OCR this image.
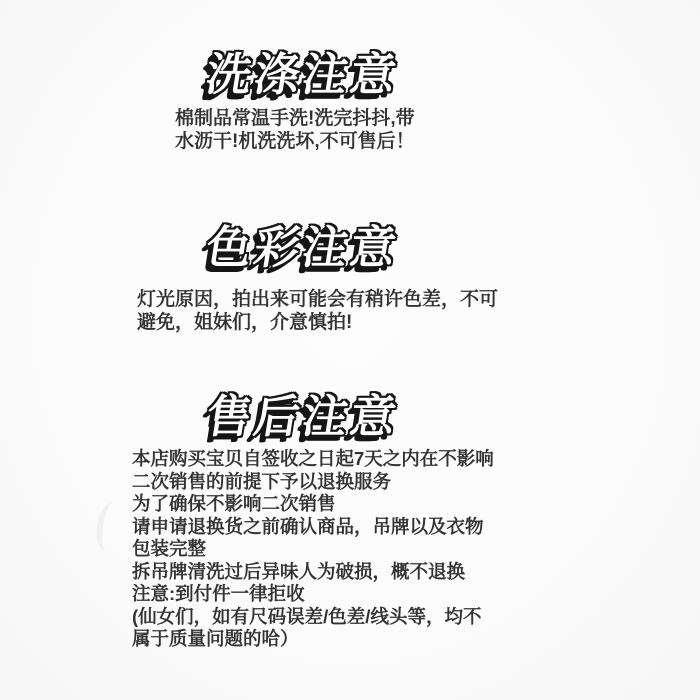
洗涤注意
棉制品常温手洗!洗完抖抖,带
水沥干!机洗洗坏,不可售后！
色彩注意
灯光原因，拍出来可能会有稍许色差，不可
避免，姐妹们，介意慎拍!
售后注意
本店购买宝贝自签收之日起7天之内在不影响
二次销售的前提下予以退换服务
为了确保不影响二次销售
请申请退换货之前确认商品，吊牌以及衣物
包装完整
拆吊牌清洗过后异味人为破损，概不退换
注意:到付件一律拒收
(仙女们，如有尺码误差/色差/线头等，均不
属于质量问题的哈）
